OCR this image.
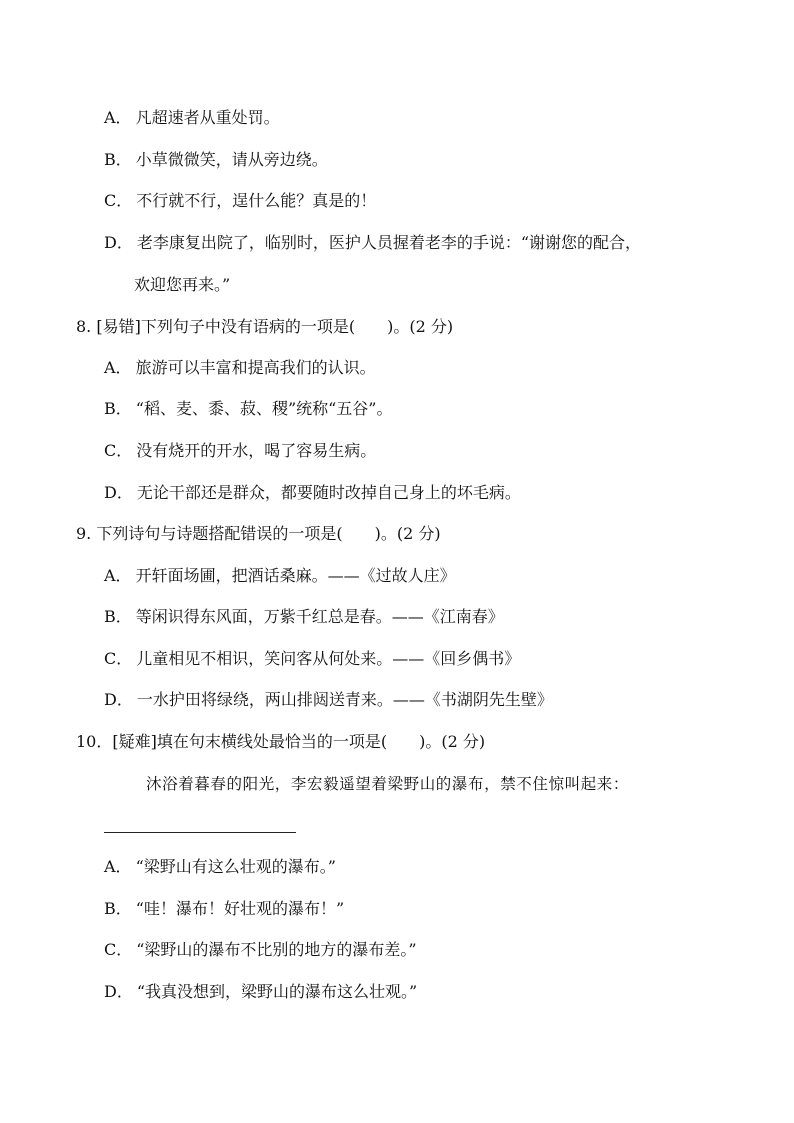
A． 凡超速者从重处罚。
B． 小草微微笑，请从旁边绕。
C． 不行就不行，逞什么能？真是的！
D． 老李康复出院了，临别时，医护人员握着老李的手说：“谢谢您的配合，
欢迎您再来。”
8. [易错]下列句子中没有语病的一项是(　　)。(2 分)
A． 旅游可以丰富和提高我们的认识。
B． “稻、麦、黍、菽、稷”统称“五谷”。
C． 没有烧开的开水，喝了容易生病。
D． 无论干部还是群众，都要随时改掉自己身上的坏毛病。
9. 下列诗句与诗题搭配错误的一项是(　　)。(2 分)
A． 开轩面场圃，把酒话桑麻。——《过故人庄》
B． 等闲识得东风面，万紫千红总是春。——《江南春》
C． 儿童相见不相识，笑问客从何处来。——《回乡偶书》
D． 一水护田将绿绕，两山排闼送青来。——《书湖阴先生壁》
10．[疑难]填在句末横线处最恰当的一项是(　　)。(2 分)
沐浴着暮春的阳光，李宏毅遥望着梁野山的瀑布，禁不住惊叫起来：
A． “梁野山有这么壮观的瀑布。”
B． “哇！瀑布！好壮观的瀑布！”
C． “梁野山的瀑布不比别的地方的瀑布差。”
D． “我真没想到，梁野山的瀑布这么壮观。”
